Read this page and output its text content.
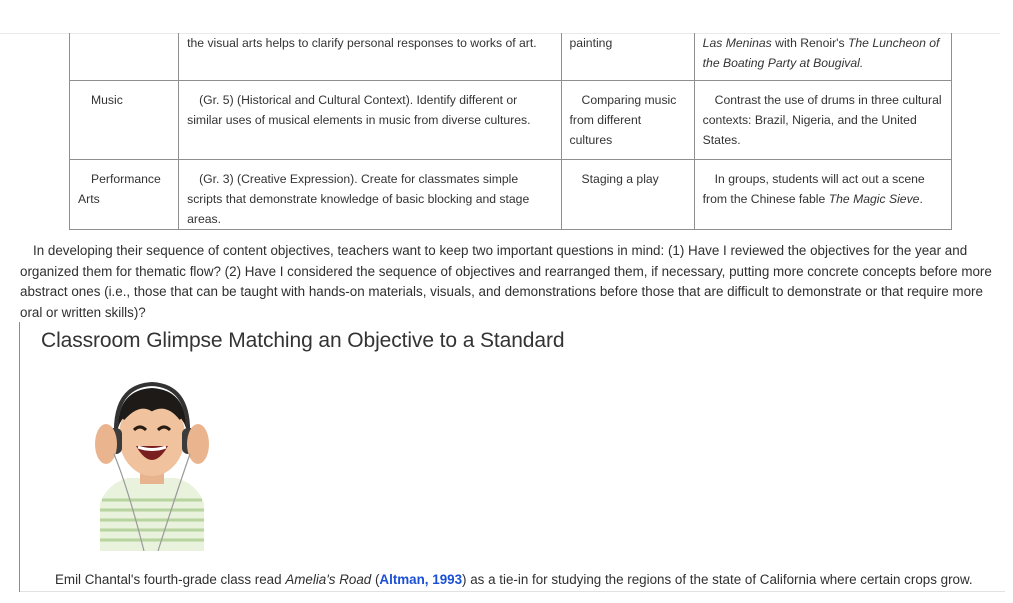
	the visual arts helps to clarify personal responses to works of art.	painting	Las Meninas with Renoir's The Luncheon of the Boating Party at Bougival.
Music	(Gr. 5) (Historical and Cultural Context). Identify different or similar uses of musical elements in music from diverse cultures.	Comparing music from different cultures	Contrast the use of drums in three cultural contexts: Brazil, Nigeria, and the United States.
Performance Arts	(Gr. 3) (Creative Expression). Create for classmates simple scripts that demonstrate knowledge of basic blocking and stage areas.	Staging a play	In groups, students will act out a scene from the Chinese fable The Magic Sieve.
In developing their sequence of content objectives, teachers want to keep two important questions in mind: (1) Have I reviewed the objectives for the year and organized them for thematic flow? (2) Have I considered the sequence of objectives and rearranged them, if necessary, putting more concrete concepts before more abstract ones (i.e., those that can be taught with hands-on materials, visuals, and demonstrations before those that are difficult to demonstrate or that require more oral or written skills)?
Classroom Glimpse Matching an Objective to a Standard
Emil Chantal's fourth-grade class read Amelia's Road (Altman, 1993) as a tie-in for studying the regions of the state of California where certain crops grow.
